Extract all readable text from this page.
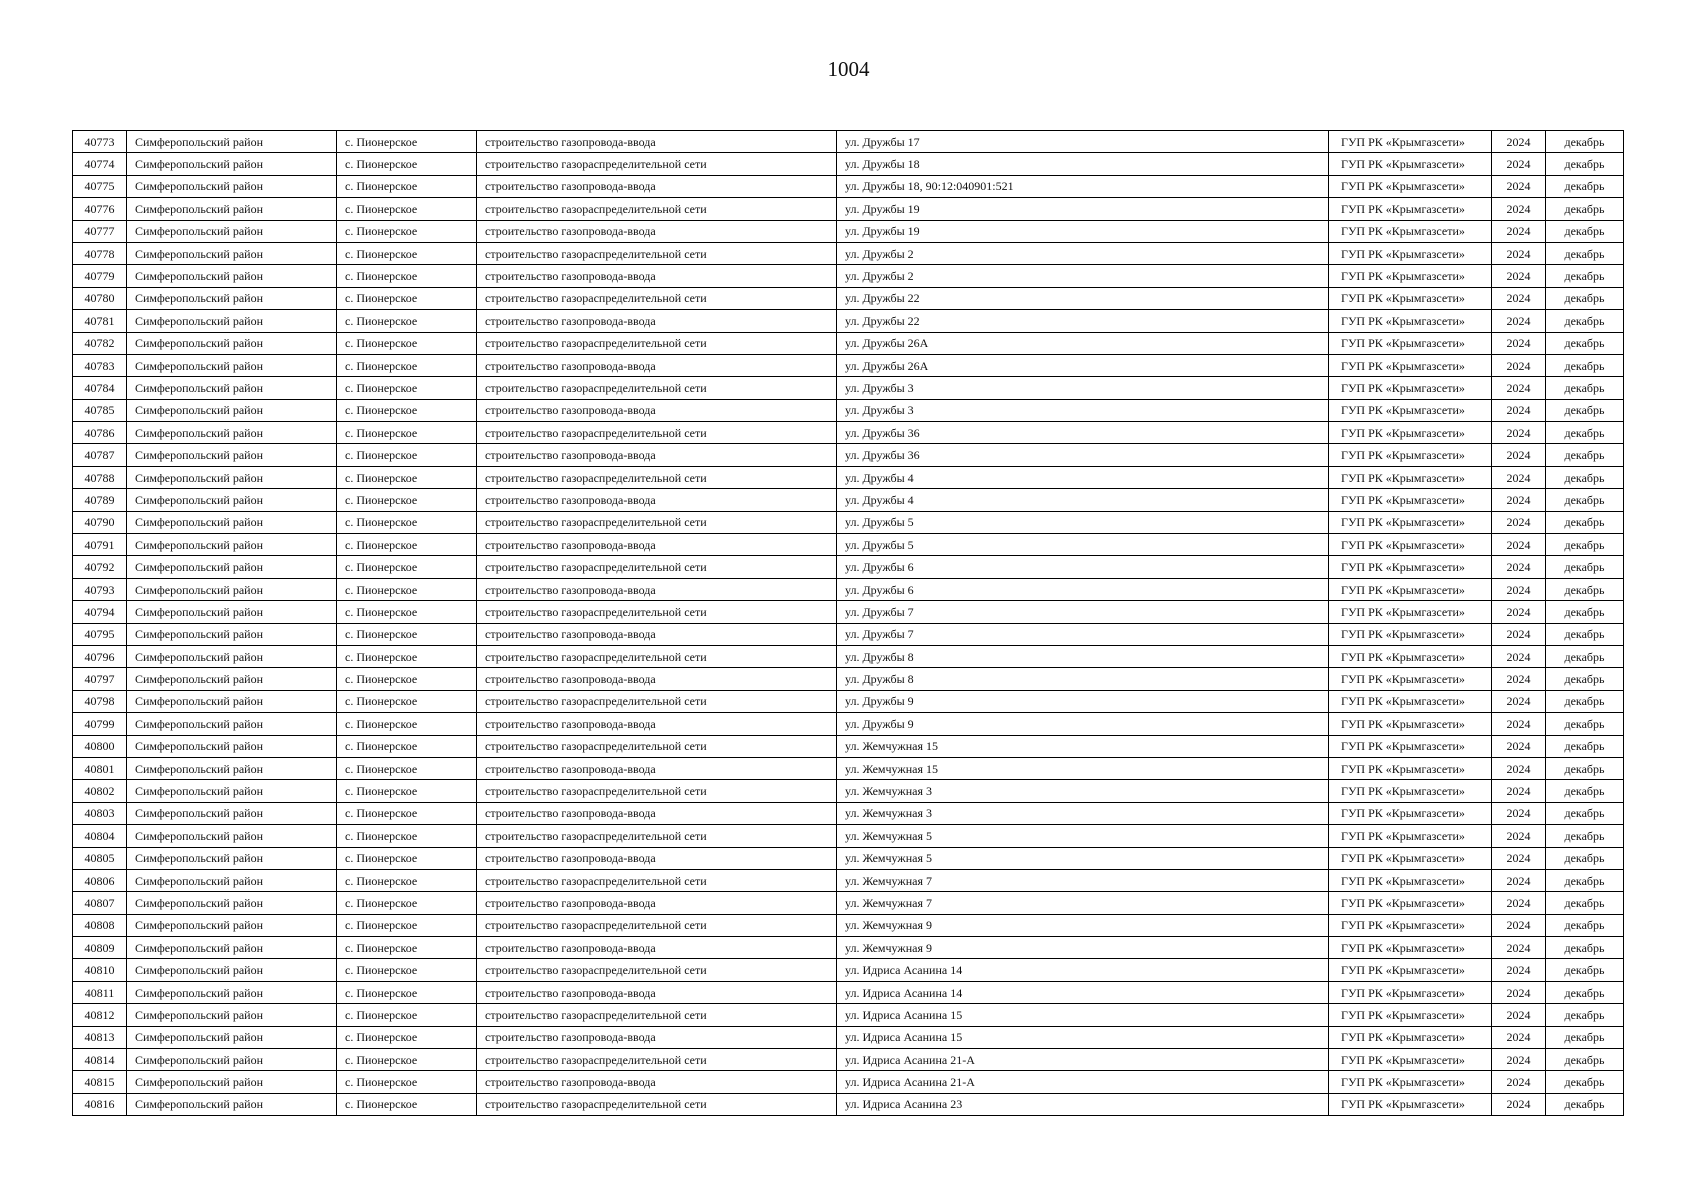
1004
40773	Симферопольский район	с. Пионерское	строительство газопровода-ввода	ул. Дружбы 17	ГУП РК «Крымгазсети»	2024	декабрь
40774	Симферопольский район	с. Пионерское	строительство газораспределительной сети	ул. Дружбы 18	ГУП РК «Крымгазсети»	2024	декабрь
40775	Симферопольский район	с. Пионерское	строительство газопровода-ввода	ул. Дружбы 18, 90:12:040901:521	ГУП РК «Крымгазсети»	2024	декабрь
40776	Симферопольский район	с. Пионерское	строительство газораспределительной сети	ул. Дружбы 19	ГУП РК «Крымгазсети»	2024	декабрь
40777	Симферопольский район	с. Пионерское	строительство газопровода-ввода	ул. Дружбы 19	ГУП РК «Крымгазсети»	2024	декабрь
40778	Симферопольский район	с. Пионерское	строительство газораспределительной сети	ул. Дружбы 2	ГУП РК «Крымгазсети»	2024	декабрь
40779	Симферопольский район	с. Пионерское	строительство газопровода-ввода	ул. Дружбы 2	ГУП РК «Крымгазсети»	2024	декабрь
40780	Симферопольский район	с. Пионерское	строительство газораспределительной сети	ул. Дружбы 22	ГУП РК «Крымгазсети»	2024	декабрь
40781	Симферопольский район	с. Пионерское	строительство газопровода-ввода	ул. Дружбы 22	ГУП РК «Крымгазсети»	2024	декабрь
40782	Симферопольский район	с. Пионерское	строительство газораспределительной сети	ул. Дружбы 26А	ГУП РК «Крымгазсети»	2024	декабрь
40783	Симферопольский район	с. Пионерское	строительство газопровода-ввода	ул. Дружбы 26А	ГУП РК «Крымгазсети»	2024	декабрь
40784	Симферопольский район	с. Пионерское	строительство газораспределительной сети	ул. Дружбы 3	ГУП РК «Крымгазсети»	2024	декабрь
40785	Симферопольский район	с. Пионерское	строительство газопровода-ввода	ул. Дружбы 3	ГУП РК «Крымгазсети»	2024	декабрь
40786	Симферопольский район	с. Пионерское	строительство газораспределительной сети	ул. Дружбы 36	ГУП РК «Крымгазсети»	2024	декабрь
40787	Симферопольский район	с. Пионерское	строительство газопровода-ввода	ул. Дружбы 36	ГУП РК «Крымгазсети»	2024	декабрь
40788	Симферопольский район	с. Пионерское	строительство газораспределительной сети	ул. Дружбы 4	ГУП РК «Крымгазсети»	2024	декабрь
40789	Симферопольский район	с. Пионерское	строительство газопровода-ввода	ул. Дружбы 4	ГУП РК «Крымгазсети»	2024	декабрь
40790	Симферопольский район	с. Пионерское	строительство газораспределительной сети	ул. Дружбы 5	ГУП РК «Крымгазсети»	2024	декабрь
40791	Симферопольский район	с. Пионерское	строительство газопровода-ввода	ул. Дружбы 5	ГУП РК «Крымгазсети»	2024	декабрь
40792	Симферопольский район	с. Пионерское	строительство газораспределительной сети	ул. Дружбы 6	ГУП РК «Крымгазсети»	2024	декабрь
40793	Симферопольский район	с. Пионерское	строительство газопровода-ввода	ул. Дружбы 6	ГУП РК «Крымгазсети»	2024	декабрь
40794	Симферопольский район	с. Пионерское	строительство газораспределительной сети	ул. Дружбы 7	ГУП РК «Крымгазсети»	2024	декабрь
40795	Симферопольский район	с. Пионерское	строительство газопровода-ввода	ул. Дружбы 7	ГУП РК «Крымгазсети»	2024	декабрь
40796	Симферопольский район	с. Пионерское	строительство газораспределительной сети	ул. Дружбы 8	ГУП РК «Крымгазсети»	2024	декабрь
40797	Симферопольский район	с. Пионерское	строительство газопровода-ввода	ул. Дружбы 8	ГУП РК «Крымгазсети»	2024	декабрь
40798	Симферопольский район	с. Пионерское	строительство газораспределительной сети	ул. Дружбы 9	ГУП РК «Крымгазсети»	2024	декабрь
40799	Симферопольский район	с. Пионерское	строительство газопровода-ввода	ул. Дружбы 9	ГУП РК «Крымгазсети»	2024	декабрь
40800	Симферопольский район	с. Пионерское	строительство газораспределительной сети	ул. Жемчужная 15	ГУП РК «Крымгазсети»	2024	декабрь
40801	Симферопольский район	с. Пионерское	строительство газопровода-ввода	ул. Жемчужная 15	ГУП РК «Крымгазсети»	2024	декабрь
40802	Симферопольский район	с. Пионерское	строительство газораспределительной сети	ул. Жемчужная 3	ГУП РК «Крымгазсети»	2024	декабрь
40803	Симферопольский район	с. Пионерское	строительство газопровода-ввода	ул. Жемчужная 3	ГУП РК «Крымгазсети»	2024	декабрь
40804	Симферопольский район	с. Пионерское	строительство газораспределительной сети	ул. Жемчужная 5	ГУП РК «Крымгазсети»	2024	декабрь
40805	Симферопольский район	с. Пионерское	строительство газопровода-ввода	ул. Жемчужная 5	ГУП РК «Крымгазсети»	2024	декабрь
40806	Симферопольский район	с. Пионерское	строительство газораспределительной сети	ул. Жемчужная 7	ГУП РК «Крымгазсети»	2024	декабрь
40807	Симферопольский район	с. Пионерское	строительство газопровода-ввода	ул. Жемчужная 7	ГУП РК «Крымгазсети»	2024	декабрь
40808	Симферопольский район	с. Пионерское	строительство газораспределительной сети	ул. Жемчужная 9	ГУП РК «Крымгазсети»	2024	декабрь
40809	Симферопольский район	с. Пионерское	строительство газопровода-ввода	ул. Жемчужная 9	ГУП РК «Крымгазсети»	2024	декабрь
40810	Симферопольский район	с. Пионерское	строительство газораспределительной сети	ул. Идриса Асанина 14	ГУП РК «Крымгазсети»	2024	декабрь
40811	Симферопольский район	с. Пионерское	строительство газопровода-ввода	ул. Идриса Асанина 14	ГУП РК «Крымгазсети»	2024	декабрь
40812	Симферопольский район	с. Пионерское	строительство газораспределительной сети	ул. Идриса Асанина 15	ГУП РК «Крымгазсети»	2024	декабрь
40813	Симферопольский район	с. Пионерское	строительство газопровода-ввода	ул. Идриса Асанина 15	ГУП РК «Крымгазсети»	2024	декабрь
40814	Симферопольский район	с. Пионерское	строительство газораспределительной сети	ул. Идриса Асанина 21-А	ГУП РК «Крымгазсети»	2024	декабрь
40815	Симферопольский район	с. Пионерское	строительство газопровода-ввода	ул. Идриса Асанина 21-А	ГУП РК «Крымгазсети»	2024	декабрь
40816	Симферопольский район	с. Пионерское	строительство газораспределительной сети	ул. Идриса Асанина 23	ГУП РК «Крымгазсети»	2024	декабрь
